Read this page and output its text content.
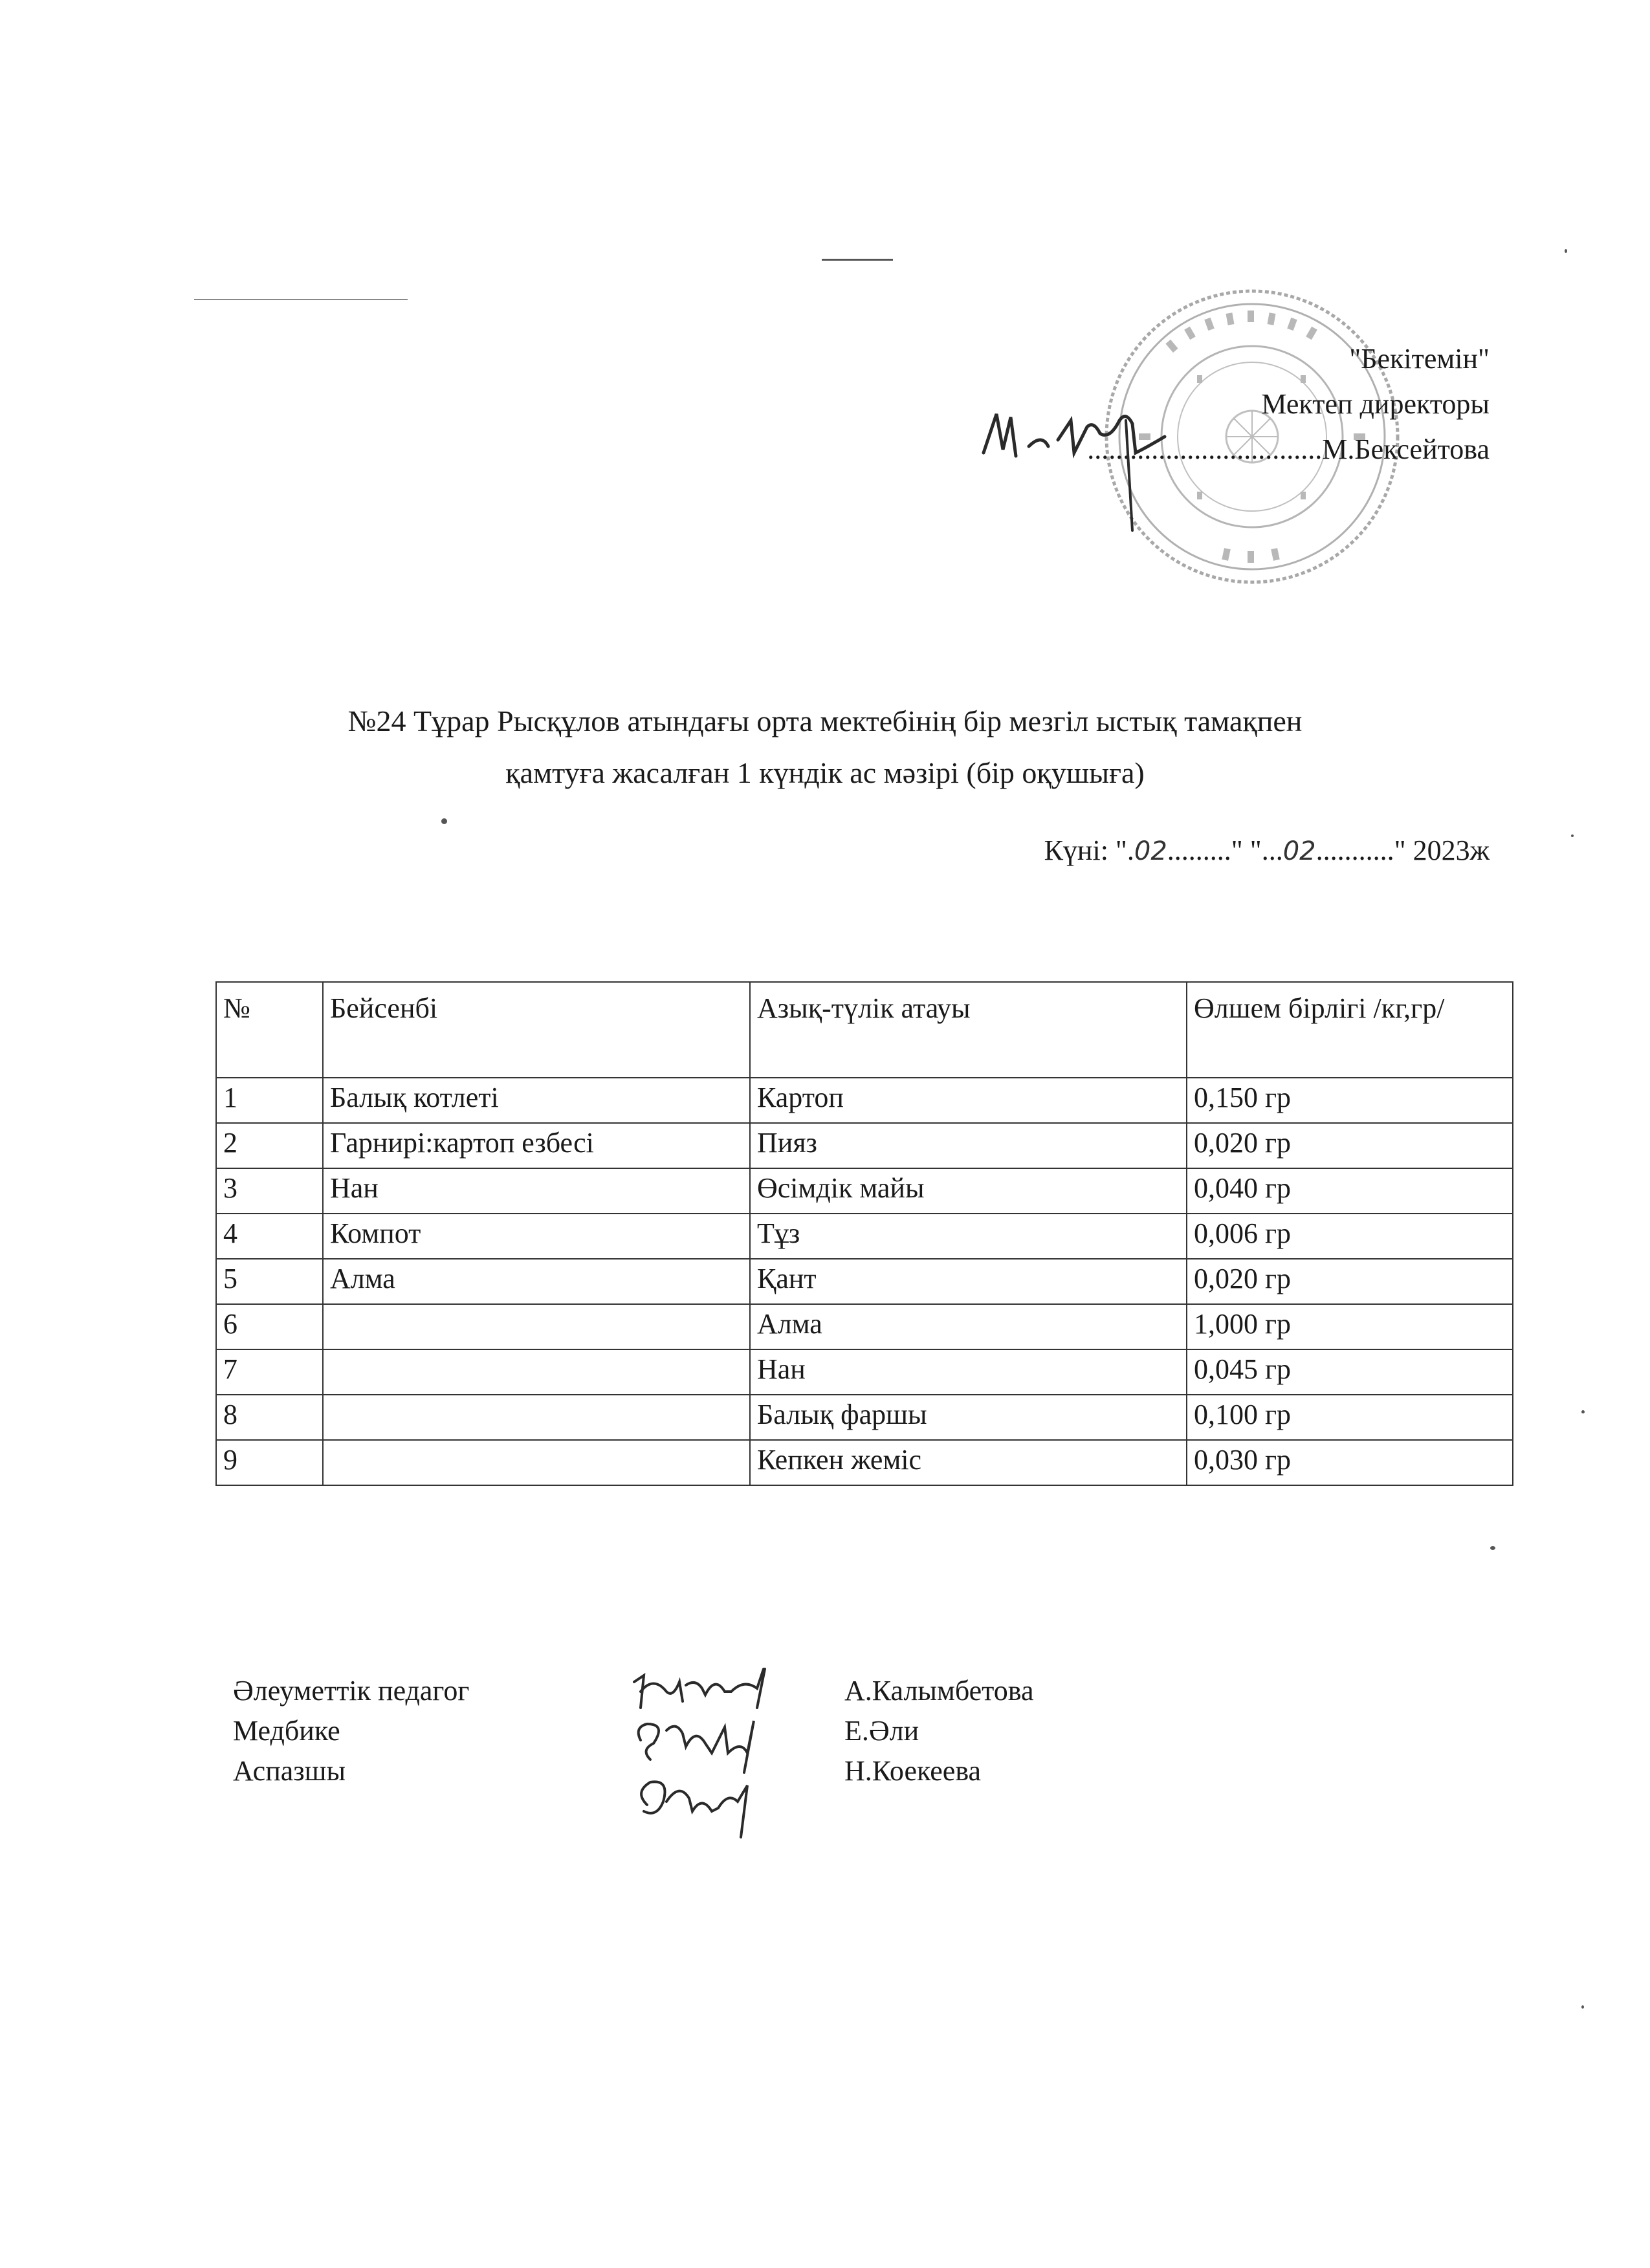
"Бекітемін"
Мектеп директоры
.................................М.Бексейтова
№24 Тұрар Рысқұлов атындағы орта мектебінің бір мезгіл ыстық тамақпен
қамтуға жасалған 1 күндік ас мәзірі (бір оқушыға)
Күні: ".02........." "...02..........." 2023ж
№	Бейсенбі	Азық-түлік атауы	Өлшем бірлігі /кг,гр/
1	Балық котлеті	Картоп	0,150 гр
2	Гарнирі:картоп езбесі	Пияз	0,020 гр
3	Нан	Өсімдік майы	0,040 гр
4	Компот	Тұз	0,006 гр
5	Алма	Қант	0,020 гр
6		Алма	1,000 гр
7		Нан	0,045 гр
8		Балық фаршы	0,100 гр
9		Кепкен жеміс	0,030 гр
Әлеуметтік педагог	А.Калымбетова
Медбике	Е.Әли
Аспазшы	Н.Коекеева
